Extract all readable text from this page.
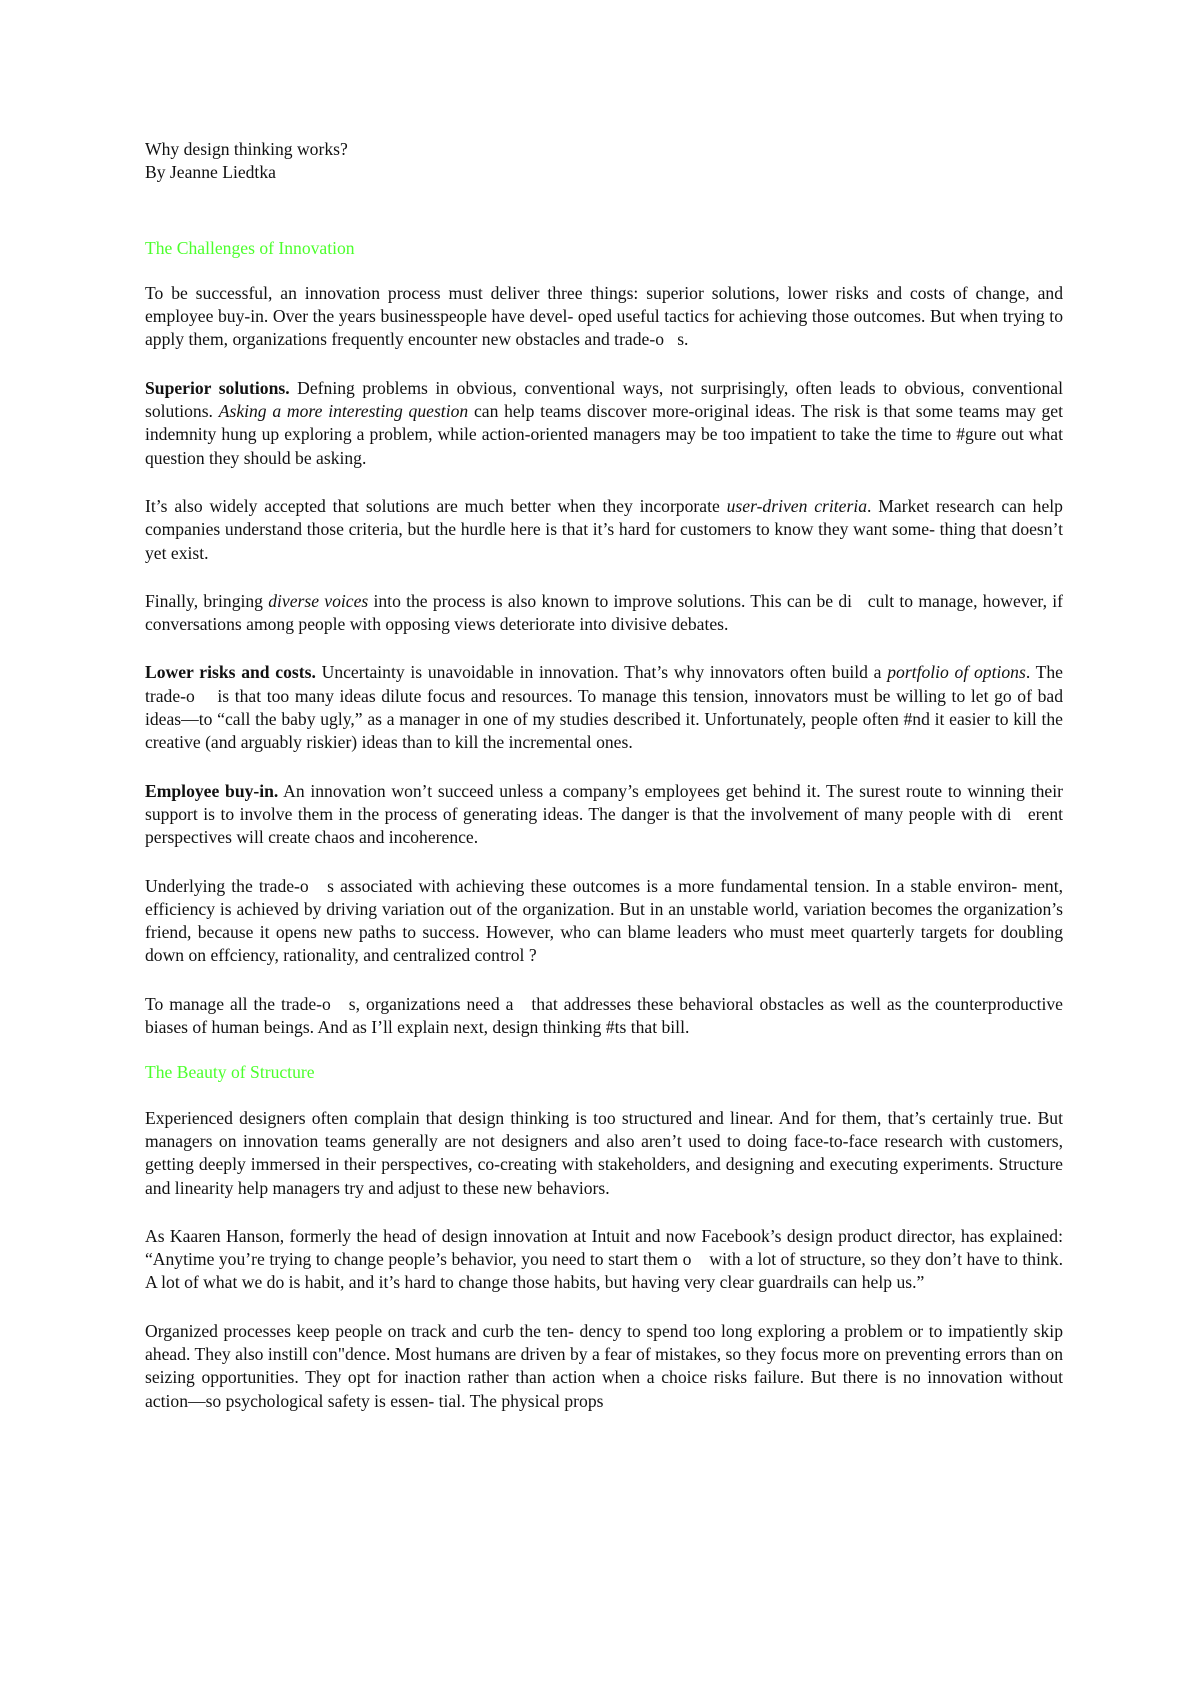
Why design thinking works?
By Jeanne Liedtka
The Challenges of Innovation

To be successful, an innovation process must deliver three things: superior solutions, lower risks and costs of change, and employee buy-in. Over the years businesspeople have devel- oped useful tactics for achieving those outcomes. But when trying to apply them, organizations frequently encounter new obstacles and trade-o   s.

Superior solutions. Defning problems in obvious, conventional ways, not surprisingly, often leads to obvious, conventional solutions. Asking a more interesting question can help teams discover more-original ideas. The risk is that some teams may get indemnity hung up exploring a problem, while action-oriented managers may be too impatient to take the time to #gure out what question they should be asking.

It’s also widely accepted that solutions are much better when they incorporate user-driven criteria. Market research can help companies understand those criteria, but the hurdle here is that it’s hard for customers to know they want some- thing that doesn’t yet exist.

Finally, bringing diverse voices into the process is also known to improve solutions. This can be di   cult to manage, however, if conversations among people with opposing views deteriorate into divisive debates.

Lower risks and costs. Uncertainty is unavoidable in innovation. That’s why innovators often build a portfolio of options. The trade-o    is that too many ideas dilute focus and resources. To manage this tension, innovators must be willing to let go of bad ideas—to “call the baby ugly,” as a manager in one of my studies described it. Unfortunately, people often #nd it easier to kill the creative (and arguably riskier) ideas than to kill the incremental ones.

Employee buy-in. An innovation won’t succeed unless a company’s employees get behind it. The surest route to winning their support is to involve them in the process of generating ideas. The danger is that the involvement of many people with di   erent perspectives will create chaos and incoherence.

Underlying the trade-o   s associated with achieving these outcomes is a more fundamental tension. In a stable environ- ment, efficiency is achieved by driving variation out of the organization. But in an unstable world, variation becomes the organization’s friend, because it opens new paths to success. However, who can blame leaders who must meet quarterly targets for doubling down on effciency, rationality, and centralized control ?

To manage all the trade-o   s, organizations need a   that addresses these behavioral obstacles as well as the counterproductive biases of human beings. And as I’ll explain next, design thinking #ts that bill.

The Beauty of Structure

Experienced designers often complain that design thinking is too structured and linear. And for them, that’s certainly true. But managers on innovation teams generally are not designers and also aren’t used to doing face-to-face research with customers, getting deeply immersed in their perspectives, co-creating with stakeholders, and designing and executing experiments. Structure and linearity help managers try and adjust to these new behaviors.

As Kaaren Hanson, formerly the head of design innovation at Intuit and now Facebook’s design product director, has explained: “Anytime you’re trying to change people’s behavior, you need to start them o    with a lot of structure, so they don’t have to think. A lot of what we do is habit, and it’s hard to change those habits, but having very clear guardrails can help us.”

Organized processes keep people on track and curb the ten- dency to spend too long exploring a problem or to impatiently skip ahead. They also instill con"dence. Most humans are driven by a fear of mistakes, so they focus more on preventing errors than on seizing opportunities. They opt for inaction rather than action when a choice risks failure. But there is no innovation without action—so psychological safety is essen- tial. The physical props
